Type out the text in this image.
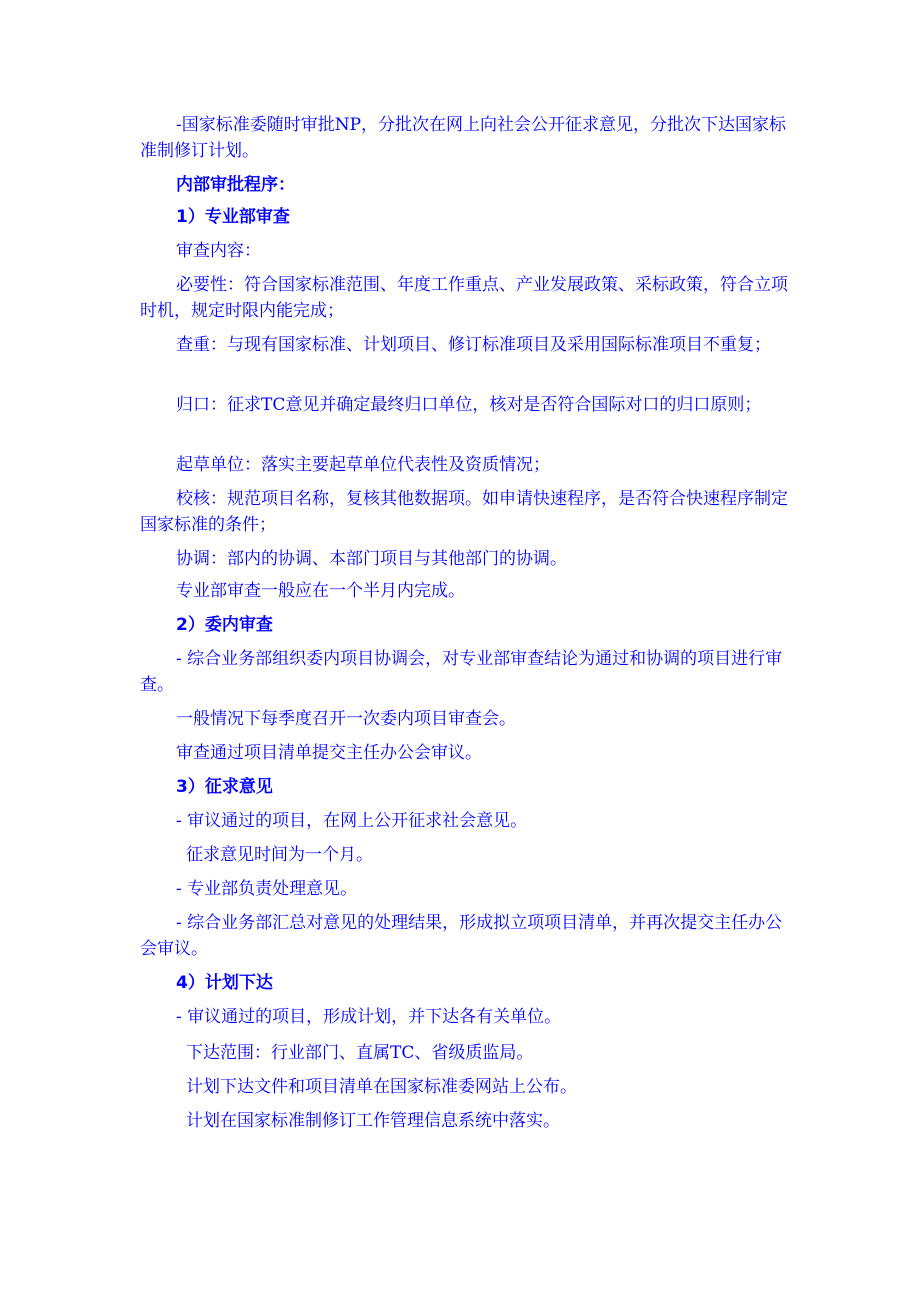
-国家标准委随时审批NP，分批次在网上向社会公开征求意见，分批次下达国家标准制修订计划。

内部审批程序：

1）专业部审查

审查内容：

必要性：符合国家标准范围、年度工作重点、产业发展政策、采标政策，符合立项时机，规定时限内能完成；

查重：与现有国家标准、计划项目、修订标准项目及采用国际标准项目不重复；

归口：征求TC意见并确定最终归口单位，核对是否符合国际对口的归口原则；

起草单位：落实主要起草单位代表性及资质情况；

校核：规范项目名称，复核其他数据项。如申请快速程序，是否符合快速程序制定国家标准的条件；

协调：部内的协调、本部门项目与其他部门的协调。

专业部审查一般应在一个半月内完成。

2）委内审查

- 综合业务部组织委内项目协调会，对专业部审查结论为通过和协调的项目进行审查。

一般情况下每季度召开一次委内项目审查会。

审查通过项目清单提交主任办公会审议。

3）征求意见

- 审议通过的项目，在网上公开征求社会意见。

征求意见时间为一个月。

- 专业部负责处理意见。

- 综合业务部汇总对意见的处理结果，形成拟立项项目清单，并再次提交主任办公会审议。

4）计划下达

- 审议通过的项目，形成计划，并下达各有关单位。

下达范围：行业部门、直属TC、省级质监局。

计划下达文件和项目清单在国家标准委网站上公布。

计划在国家标准制修订工作管理信息系统中落实。
